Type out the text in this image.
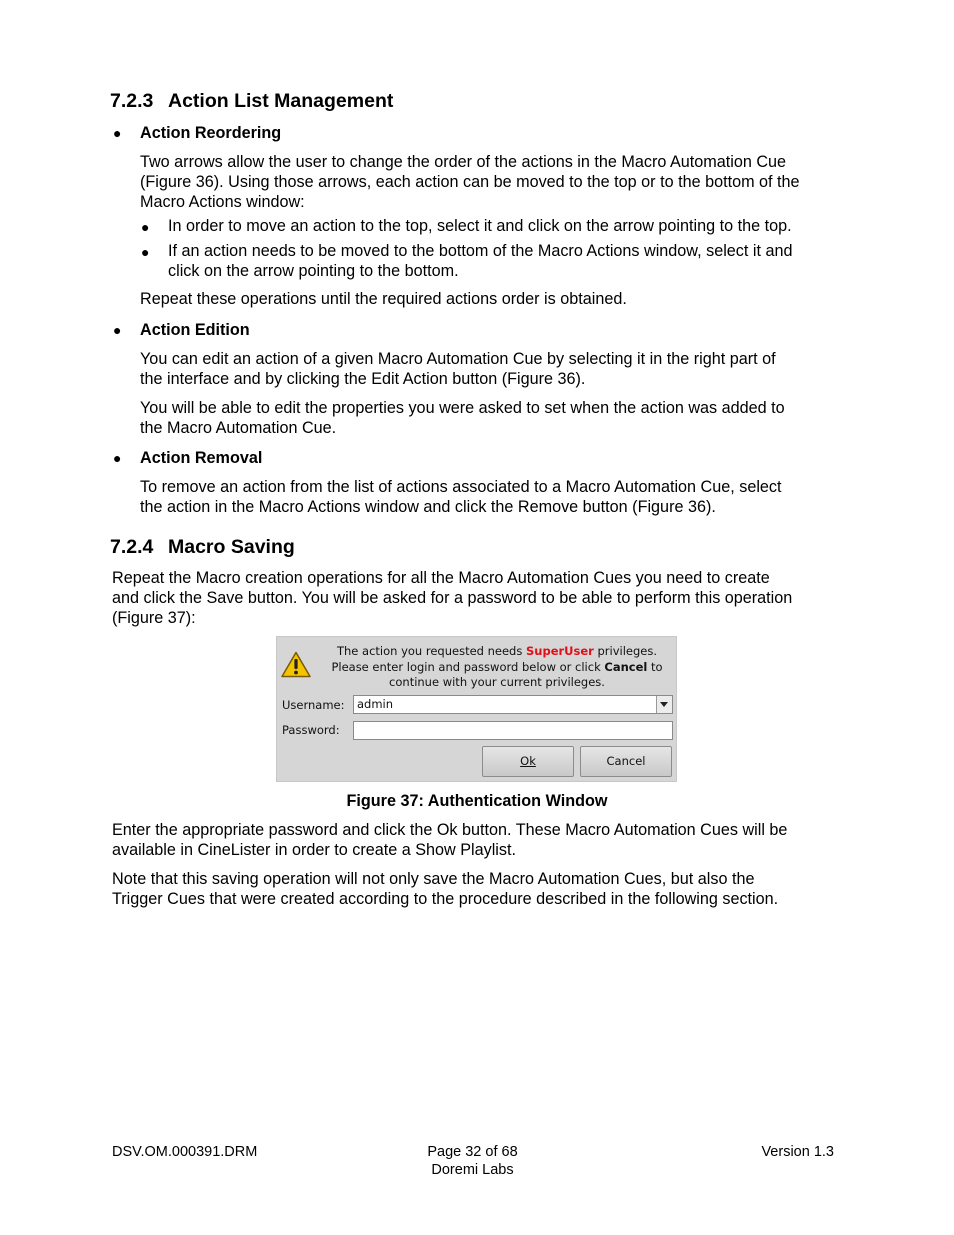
7.2.3 Action List Management
● Action Reordering
Two arrows allow the user to change the order of the actions in the Macro Automation Cue
(Figure 36). Using those arrows, each action can be moved to the top or to the bottom of the
Macro Actions window:
● In order to move an action to the top, select it and click on the arrow pointing to the top.
● If an action needs to be moved to the bottom of the Macro Actions window, select it and
click on the arrow pointing to the bottom.
Repeat these operations until the required actions order is obtained.
● Action Edition
You can edit an action of a given Macro Automation Cue by selecting it in the right part of
the interface and by clicking the Edit Action button (Figure 36).
You will be able to edit the properties you were asked to set when the action was added to
the Macro Automation Cue.
● Action Removal
To remove an action from the list of actions associated to a Macro Automation Cue, select
the action in the Macro Actions window and click the Remove button (Figure 36).
7.2.4 Macro Saving
Repeat the Macro creation operations for all the Macro Automation Cues you need to create
and click the Save button. You will be asked for a password to be able to perform this operation
(Figure 37):
The action you requested needs SuperUser privileges.
Please enter login and password below or click Cancel to
continue with your current privileges.
Username:	admin
Password:
Ok	Cancel
Figure 37: Authentication Window
Enter the appropriate password and click the Ok button. These Macro Automation Cues will be
available in CineLister in order to create a Show Playlist.
Note that this saving operation will not only save the Macro Automation Cues, but also the
Trigger Cues that were created according to the procedure described in the following section.
DSV.OM.000391.DRM	Page 32 of 68
Doremi Labs
Version 1.3
